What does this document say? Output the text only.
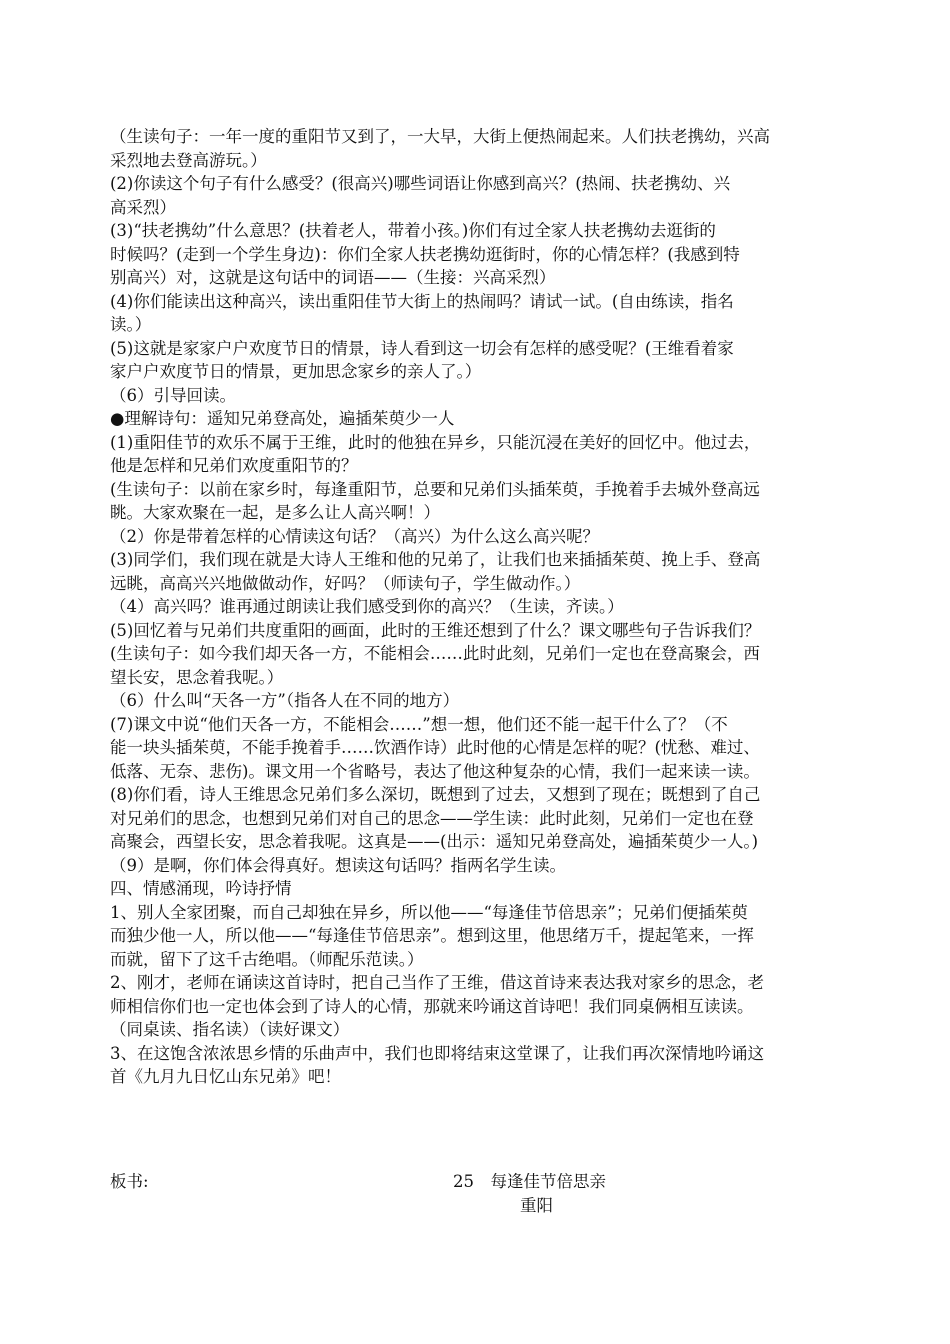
（生读句子：一年一度的重阳节又到了，一大早，大街上便热闹起来。人们扶老携幼，兴高

采烈地去登高游玩。）

(2)你读这个句子有什么感受？(很高兴)哪些词语让你感到高兴？(热闹、扶老携幼、兴

高采烈）

(3)“扶老携幼”什么意思？(扶着老人，带着小孩。)你们有过全家人扶老携幼去逛街的

时候吗？(走到一个学生身边)：你们全家人扶老携幼逛街时，你的心情怎样？(我感到特

别高兴）对，这就是这句话中的词语——（生接：兴高采烈）

(4)你们能读出这种高兴，读出重阳佳节大街上的热闹吗？请试一试。(自由练读，指名

读。）

(5)这就是家家户户欢度节日的情景，诗人看到这一切会有怎样的感受呢？(王维看着家

家户户欢度节日的情景，更加思念家乡的亲人了。）

（6）引导回读。

●理解诗句：遥知兄弟登高处，遍插茱萸少一人

(1)重阳佳节的欢乐不属于王维，此时的他独在异乡，只能沉浸在美好的回忆中。他过去，

他是怎样和兄弟们欢度重阳节的？

(生读句子：以前在家乡时，每逢重阳节，总要和兄弟们头插茱萸，手挽着手去城外登高远

眺。大家欢聚在一起，是多么让人高兴啊！）

（2）你是带着怎样的心情读这句话？（高兴）为什么这么高兴呢？

(3)同学们，我们现在就是大诗人王维和他的兄弟了，让我们也来插插茱萸、挽上手、登高

远眺，高高兴兴地做做动作，好吗？（师读句子，学生做动作。）

（4）高兴吗？谁再通过朗读让我们感受到你的高兴？（生读，齐读。）

(5)回忆着与兄弟们共度重阳的画面，此时的王维还想到了什么？课文哪些句子告诉我们？

(生读句子：如今我们却天各一方，不能相会……此时此刻，兄弟们一定也在登高聚会，西

望长安，思念着我呢。）

（6）什么叫“天各一方”（指各人在不同的地方）

(7)课文中说“他们天各一方，不能相会……”想一想，他们还不能一起干什么了？（不

能一块头插茱萸，不能手挽着手……饮酒作诗）此时他的心情是怎样的呢？(忧愁、难过、

低落、无奈、悲伤)。课文用一个省略号，表达了他这种复杂的心情，我们一起来读一读。

(8)你们看，诗人王维思念兄弟们多么深切，既想到了过去，又想到了现在；既想到了自己

对兄弟们的思念，也想到兄弟们对自己的思念——学生读：此时此刻，兄弟们一定也在登

高聚会，西望长安，思念着我呢。这真是——(出示：遥知兄弟登高处，遍插茱萸少一人。)

（9）是啊，你们体会得真好。想读这句话吗？指两名学生读。

四、情感涌现，吟诗抒情

1、别人全家团聚，而自己却独在异乡，所以他——“每逢佳节倍思亲”；兄弟们便插茱萸

而独少他一人，所以他——“每逢佳节倍思亲”。想到这里，他思绪万千，提起笔来，一挥

而就，留下了这千古绝唱。（师配乐范读。）

2、刚才，老师在诵读这首诗时，把自己当作了王维，借这首诗来表达我对家乡的思念，老

师相信你们也一定也体会到了诗人的心情，那就来吟诵这首诗吧！我们同桌俩相互读读。

（同桌读、指名读）（读好课文）

3、在这饱含浓浓思乡情的乐曲声中，我们也即将结束这堂课了，让我们再次深情地吟诵这

首《九月九日忆山东兄弟》吧！

板书:	25　每逢佳节倍思亲
重阳
